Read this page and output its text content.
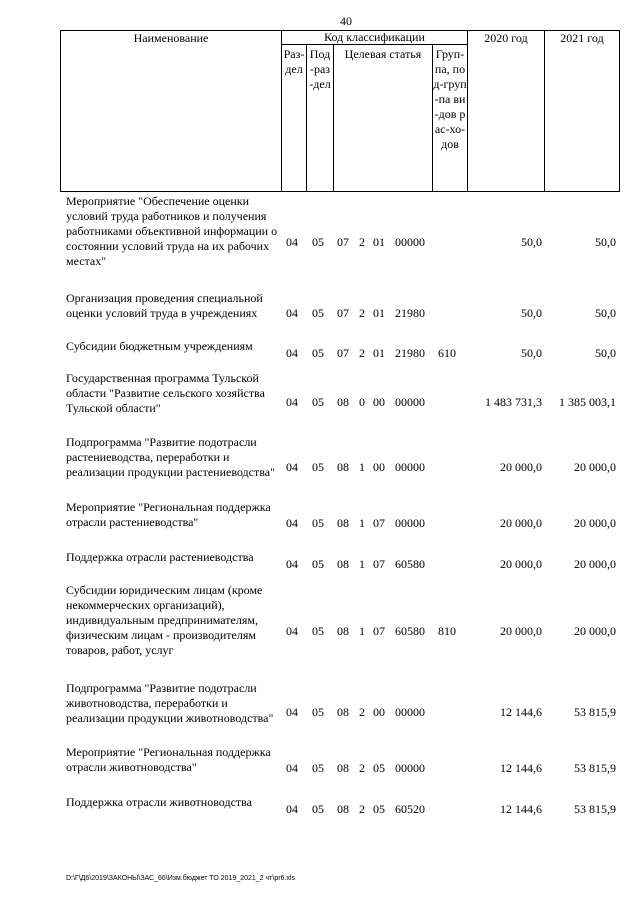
40
Наименование	Код классификации
Раз-дел
Под-раз-дел
Целевая статья	Груп-па, под-груп-па ви-дов рас-хо-дов
2020 год	2021 год
Мероприятие "Обеспечение оценки условий труда работников и получения работниками объективной информации о состоянии условий труда на их рабочих местах"
04 05 07 2 01 00000	50,0	50,0
Организация проведения специальной оценки условий труда в учреждениях	04 05 07 2 01 21980	50,0	50,0
Субсидии бюджетным учреждениям	04 05 07 2 01 21980 610	50,0	50,0
Государственная программа Тульской области "Развитие сельского хозяйства Тульской области"	04 05 08 0 00 00000	1 483 731,3	1 385 003,1
Подпрограмма "Развитие подотрасли растениеводства, переработки и реализации продукции растениеводства" 04 05 08 1 00 00000	20 000,0	20 000,0
Мероприятие "Региональная поддержка отрасли растениеводства"	04 05 08 1 07 00000	20 000,0	20 000,0
Поддержка отрасли растениеводства	04 05 08 1 07 60580	20 000,0	20 000,0
Субсидии юридическим лицам (кроме некоммерческих организаций), индивидуальным предпринимателям, физическим лицам - производителям товаров, работ, услуг
04 05 08 1 07 60580 810	20 000,0	20 000,0
Подпрограмма "Развитие подотрасли животноводства, переработки и реализации продукции животноводства"	04 05 08 2 00 00000	12 144,6	53 815,9
Мероприятие "Региональная поддержка отрасли животноводства"	04 05 08 2 05 00000	12 144,6	53 815,9
Поддержка отрасли животноводства	04 05 08 2 05 60520	12 144,6	53 815,9
D:\Г\Д6\2019\ЗАКОНЫ\ЗАС_66\Изм.бюджет ТО 2019_2021_2 чт\pr6.xls
